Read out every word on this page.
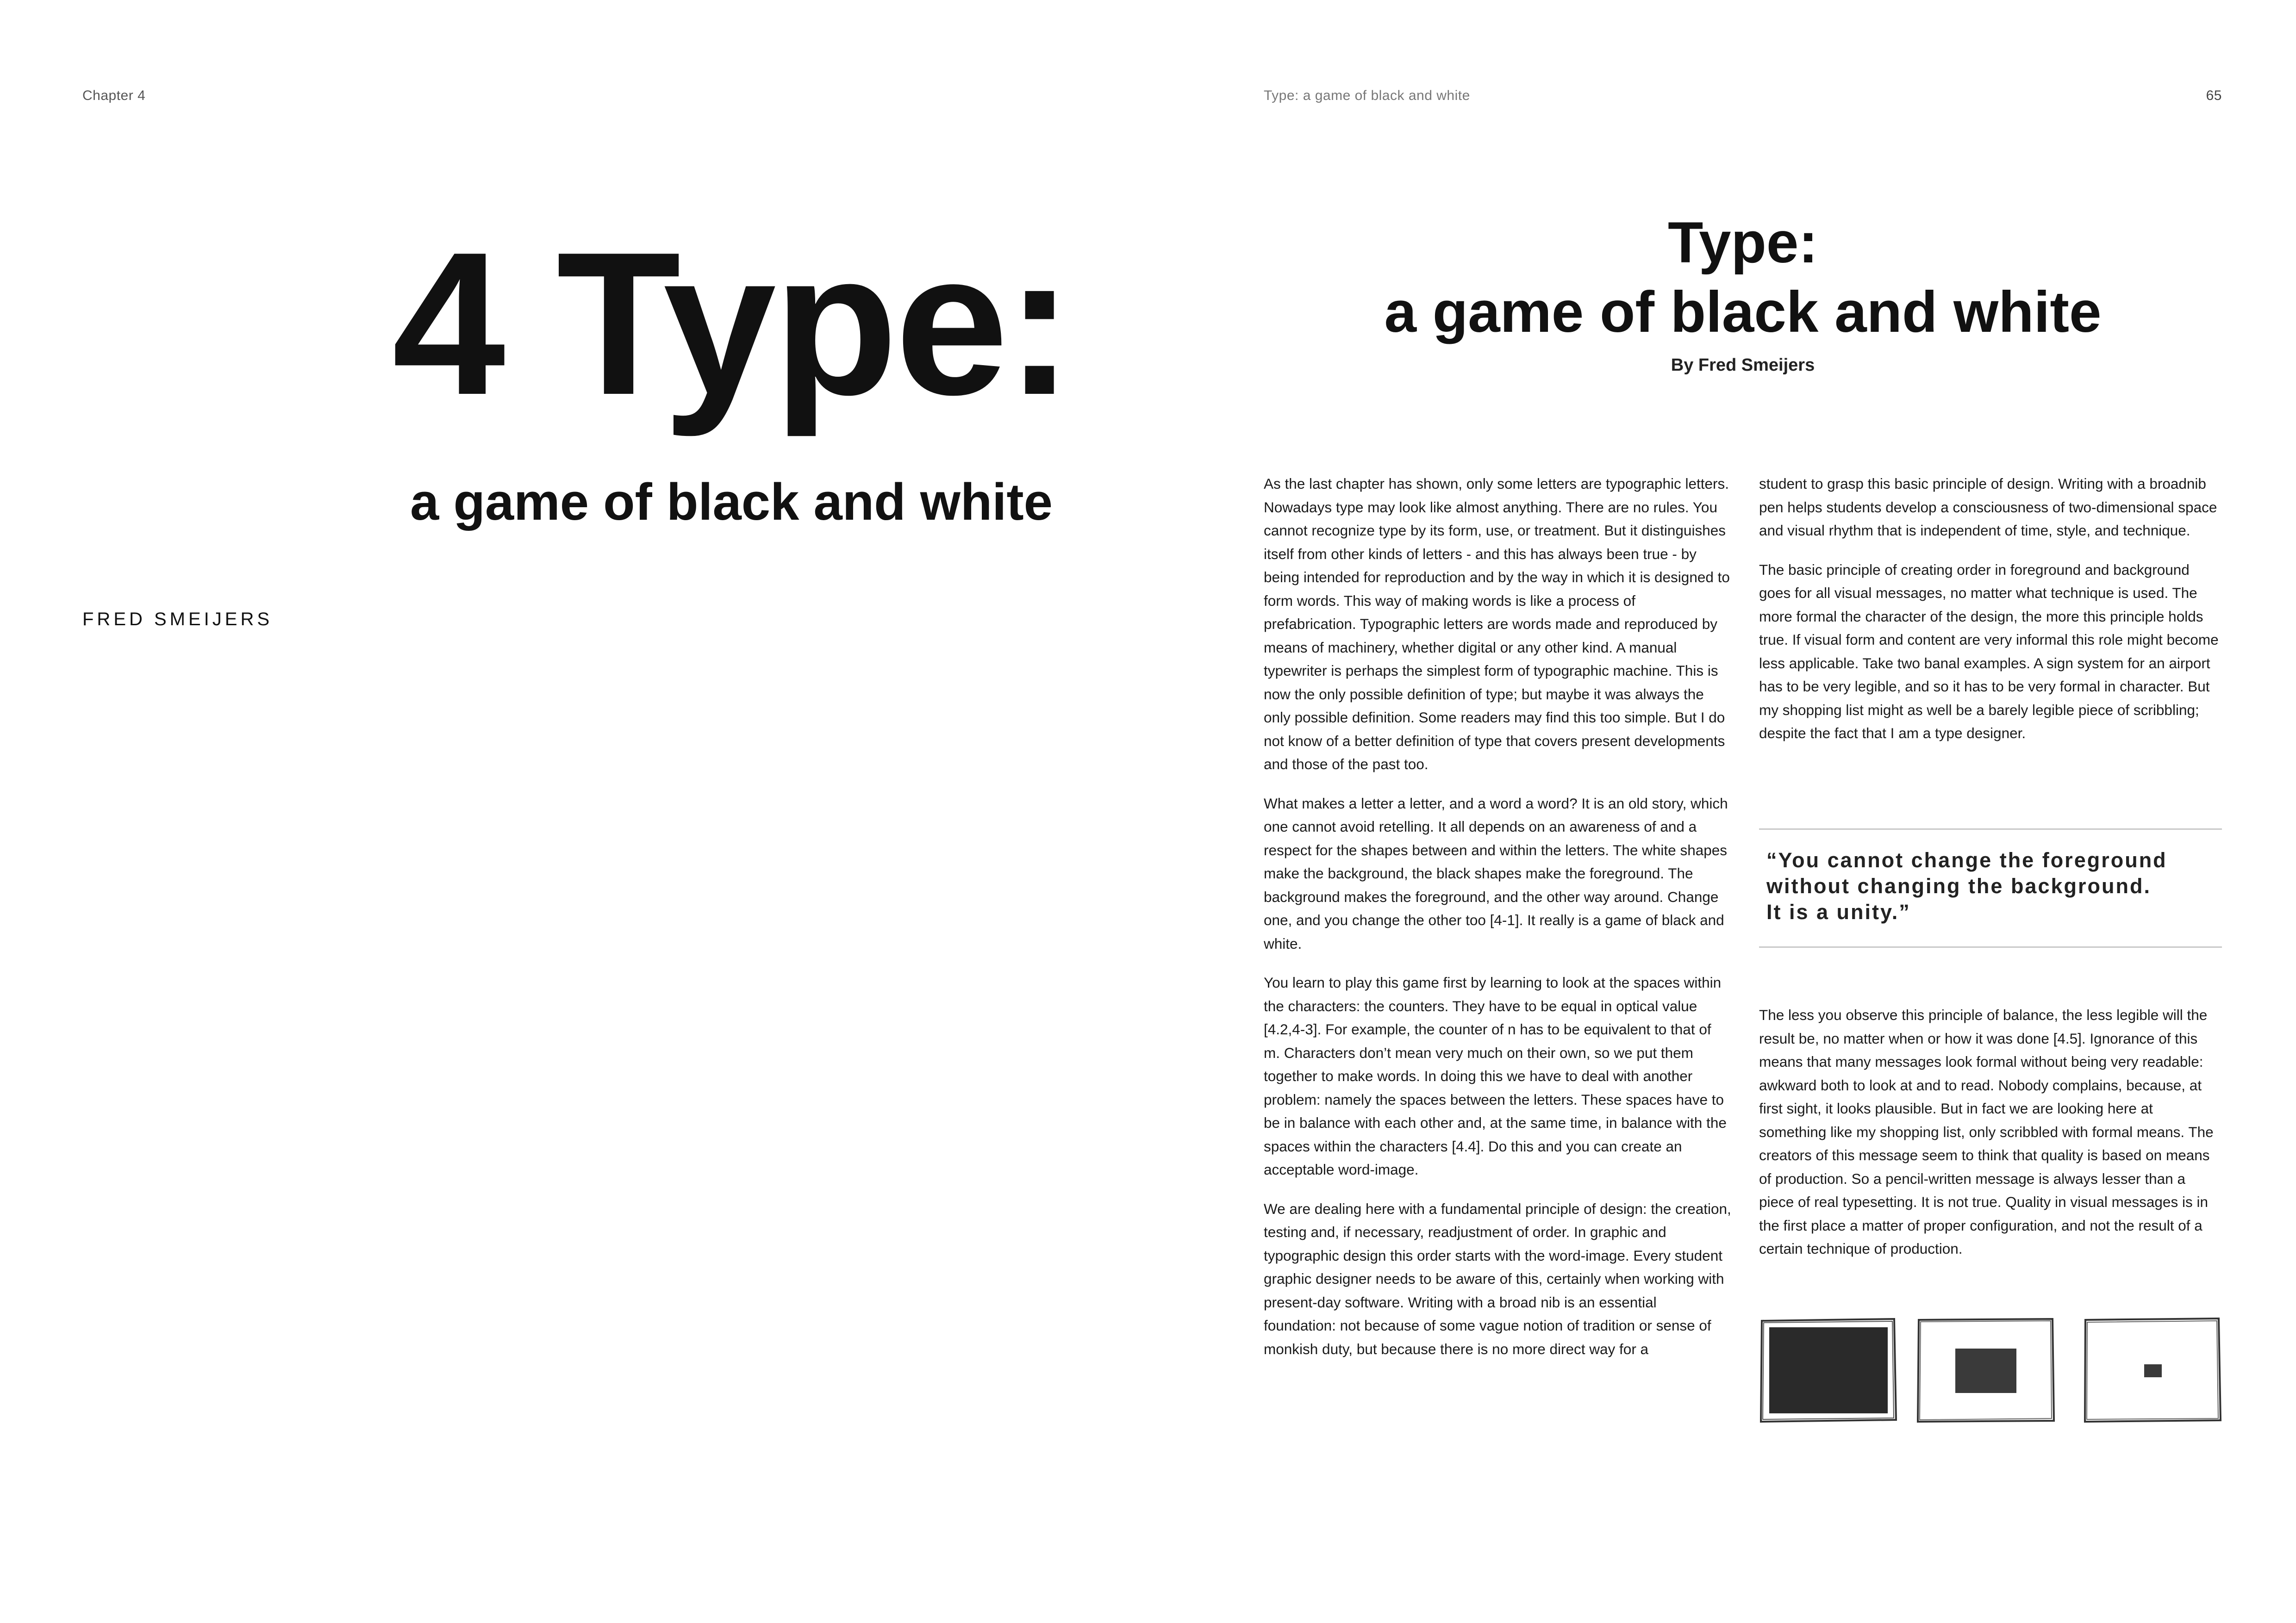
Chapter 4
4 Type:
a game of black and white
FRED SMEIJERS
Type: a game of black and white	65
Type:
a game of black and white
By Fred Smeijers

As the last chapter has shown, only some letters are typographic letters. Nowadays type may look like almost anything. There are no rules. You cannot recognize type by its form, use, or treatment. But it distinguishes itself from other kinds of letters - and this has always been true - by being intended for reproduction and by the way in which it is designed to form words. This way of making words is like a process of prefabrication. Typographic letters are words made and reproduced by means of machinery, whether digital or any other kind. A manual typewriter is perhaps the simplest form of typographic machine. This is now the only possible definition of type; but maybe it was always the only possible definition. Some readers may find this too simple. But I do not know of a better definition of type that covers present developments and those of the past too.

What makes a letter a letter, and a word a word? It is an old story, which one cannot avoid retelling. It all depends on an awareness of and a respect for the shapes between and within the letters. The white shapes make the background, the black shapes make the foreground. The background makes the foreground, and the other way around. Change one, and you change the other too [4-1]. It really is a game of black and white.

You learn to play this game first by learning to look at the spaces within the characters: the counters. They have to be equal in optical value [4.2,4-3]. For example, the counter of n has to be equivalent to that of m. Characters don’t mean very much on their own, so we put them together to make words. In doing this we have to deal with another problem: namely the spaces between the letters. These spaces have to be in balance with each other and, at the same time, in balance with the spaces within the characters [4.4]. Do this and you can create an acceptable word-image.

We are dealing here with a fundamental principle of design: the creation, testing and, if necessary, readjustment of order. In graphic and typographic design this order starts with the word-image. Every student graphic designer needs to be aware of this, certainly when working with present-day software. Writing with a broad nib is an essential foundation: not because of some vague notion of tradition or sense of monkish duty, but because there is no more direct way for a

student to grasp this basic principle of design. Writing with a broadnib pen helps students develop a consciousness of two-dimensional space and visual rhythm that is independent of time, style, and technique.

The basic principle of creating order in foreground and background goes for all visual messages, no matter what technique is used. The more formal the character of the design, the more this principle holds true. If visual form and content are very informal this role might become less applicable. Take two banal examples. A sign system for an airport has to be very legible, and so it has to be very formal in character. But my shopping list might as well be a barely legible piece of scribbling; despite the fact that I am a type designer.

“You cannot change the foreground
without changing the background.
It is a unity.”

The less you observe this principle of balance, the less legible will the result be, no matter when or how it was done [4.5]. Ignorance of this means that many messages look formal without being very readable: awkward both to look at and to read. Nobody complains, because, at first sight, it looks plausible. But in fact we are looking here at something like my shopping list, only scribbled with formal means. The creators of this message seem to think that quality is based on means of production. So a pencil-written message is always lesser than a piece of real typesetting. It is not true. Quality in visual messages is in the first place a matter of proper configuration, and not the result of a certain technique of production.
